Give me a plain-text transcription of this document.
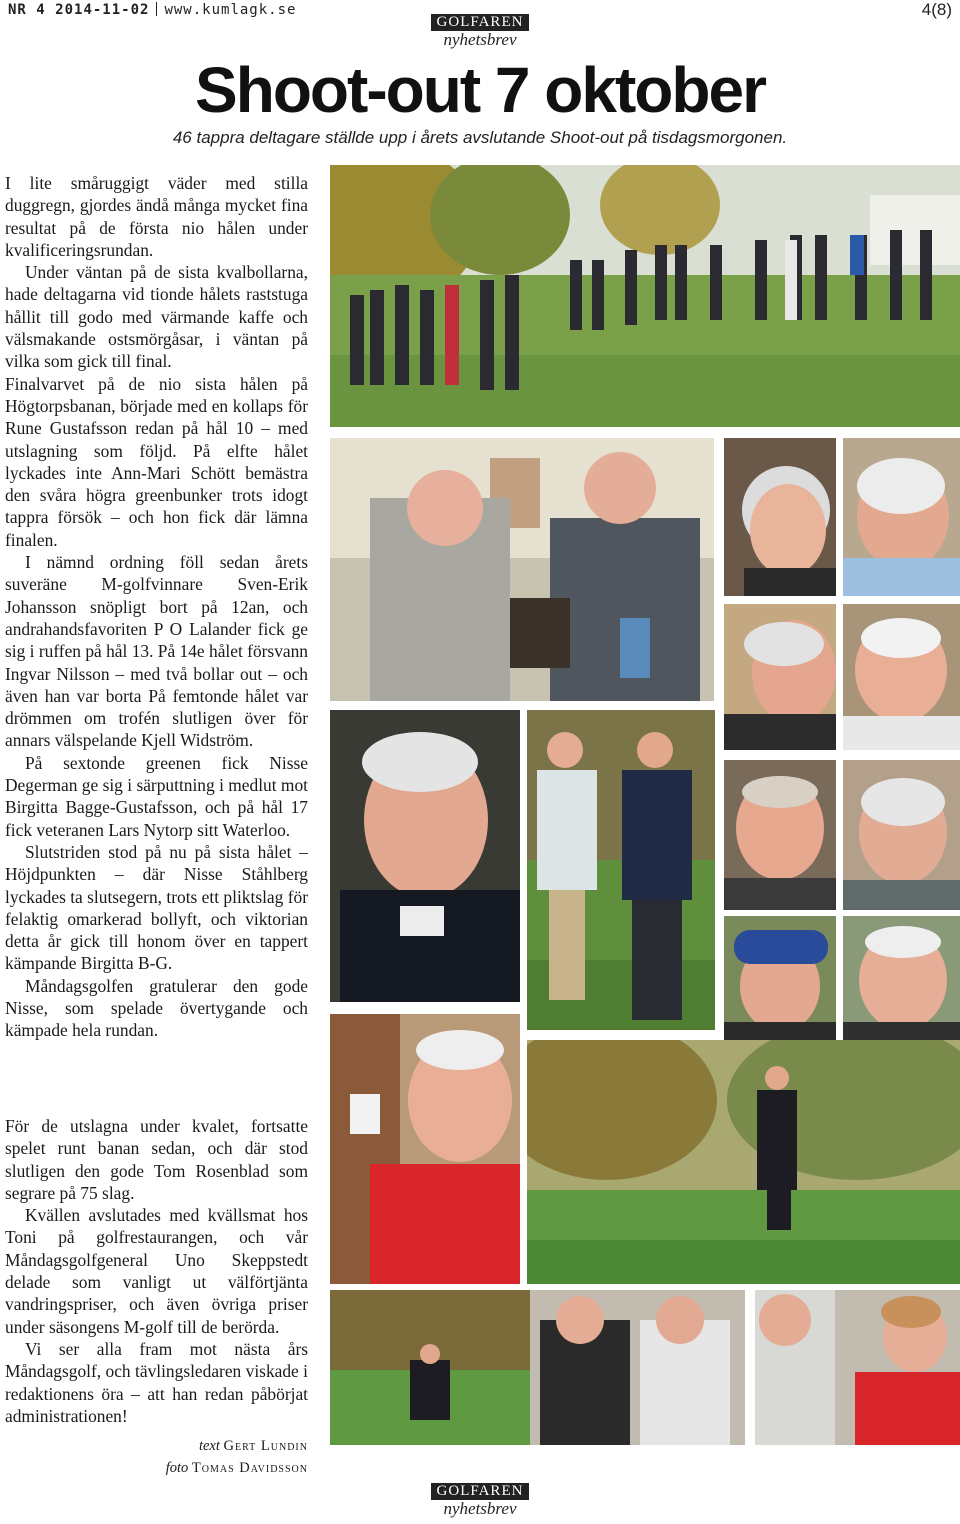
NR 4 2014-11-02 www.kumlagk.se	4(8)
GOLFAREN
nyhetsbrev
Shoot-out 7 oktober
46 tappra deltagare ställde upp i årets avslutande Shoot-out på tisdagsmorgonen.

I lite småruggigt väder med stilla duggregn, gjordes ändå många mycket fina resultat på de första nio hålen under kvalificeringsrundan.

Under väntan på de sista kvalbollarna, hade deltagarna vid tionde hålets raststuga hållit till godo med värmande kaffe och välsmakande ostsmörgåsar, i väntan på vilka som gick till final.

Finalvarvet på de nio sista hålen på Högtorpsbanan, började med en kollaps för Rune Gustafsson redan på hål 10 – med utslagning som följd. På elfte hålet lyckades inte Ann-Mari Schött bemästra den svåra högra greenbunker trots idogt tappra försök – och hon fick där lämna finalen.

I nämnd ordning föll sedan årets suveräne M-golfvinnare Sven-Erik Johansson snöpligt bort på 12an, och andrahandsfavoriten P O Lalander fick ge sig i ruffen på hål 13. På 14e hålet försvann Ingvar Nilsson – med två bollar out – och även han var borta På femtonde hålet var drömmen om trofén slutligen över för annars välspelande Kjell Widström.

På sextonde greenen fick Nisse Degerman ge sig i särputtning i medlut mot Birgitta Bagge-Gustafsson, och på hål 17 fick veteranen Lars Nytorp sitt Waterloo.

Slutstriden stod på nu på sista hålet – Höjdpunkten – där Nisse Ståhlberg lyckades ta slutsegern, trots ett pliktslag för felaktig omarkerad bollyft, och viktorian detta år gick till honom över en tappert kämpande Birgitta B-G.

Måndagsgolfen gratulerar den gode Nisse, som spelade övertygande och kämpade hela rundan.

För de utslagna under kvalet, fortsatte spelet runt banan sedan, och där stod slutligen den gode Tom Rosenblad som segrare på 75 slag.

Kvällen avslutades med kvällsmat hos Toni på golfrestaurangen, och vår Måndagsgolfgeneral Uno Skeppstedt delade som vanligt ut välförtjänta vandringspriser, och även övriga priser under säsongens M-golf till de berörda.

Vi ser alla fram mot nästa års Måndagsgolf, och tävlingsledaren viskade i redaktionens öra – att han redan påbörjat administrationen!

text Gert Lundin
foto Tomas Davidsson
GOLFAREN
nyhetsbrev
